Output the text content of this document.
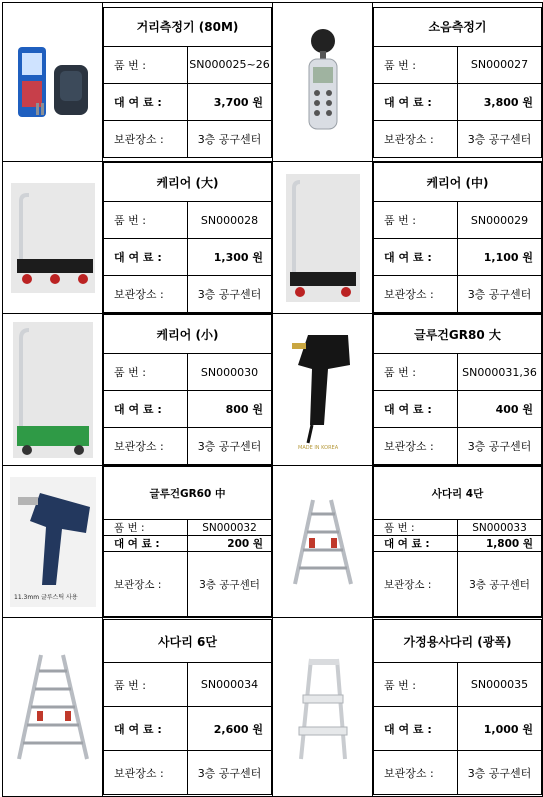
거리측정기 (80M)
품 번 :	SN000025~26
대 여 료 :	3,700 원
보관장소 :	3층 공구센터

소음측정기
품 번 :	SN000027
대 여 료 :	3,800 원
보관장소 :	3층 공구센터

케리어 (大)
품 번 :	SN000028
대 여 료 :	1,300 원
보관장소 :	3층 공구센터

케리어 (中)
품 번 :	SN000029
대 여 료 :	1,100 원
보관장소 :	3층 공구센터

케리어 (小)
품 번 :	SN000030
대 여 료 :	800 원
보관장소 :	3층 공구센터
		MADE IN KOREA

글루건GR80 大
품 번 :	SN000031,36
대 여 료 :	400 원
보관장소 :	3층 공구센터

11.3mm 글루스틱 사용

글루건GR60 中
품 번 :	SN000032
대 여 료 :	200 원
보관장소 :	3층 공구센터

사다리 4단
품 번 :	SN000033
대 여 료 :	1,800 원
보관장소 :	3층 공구센터

사다리 6단
품 번 :	SN000034
대 여 료 :	2,600 원
보관장소 :	3층 공구센터

가정용사다리 (광폭)
품 번 :	SN000035
대 여 료 :	1,000 원
보관장소 :	3층 공구센터
